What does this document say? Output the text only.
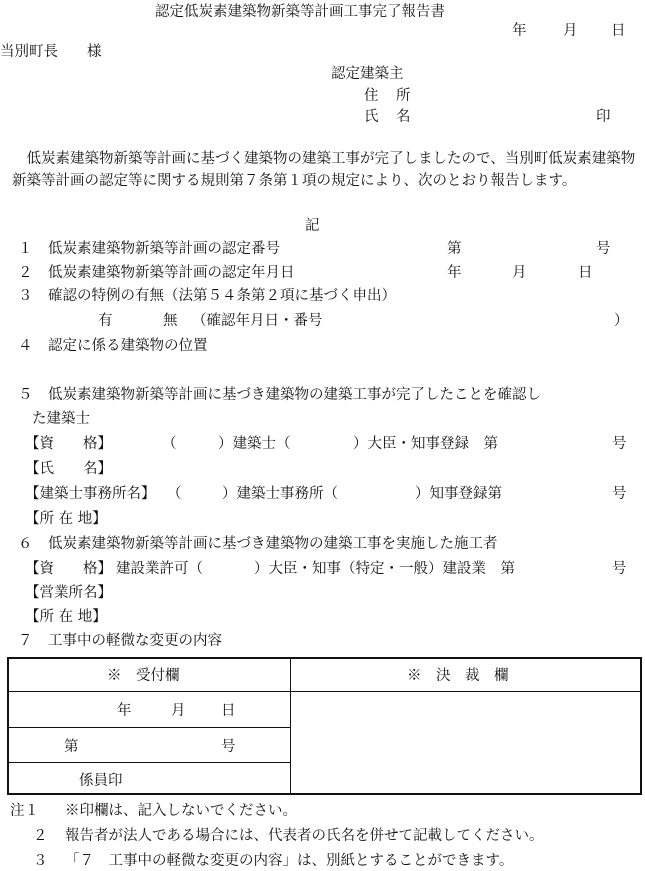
認定低炭素建築物新築等計画工事完了報告書
年	月 日
当別町長　　様
認定建築主
住 所
氏 名	印
低炭素建築物新築等計画に基づく建築物の建築工事が完了しましたので、当別町低炭素建築物新築等計画の認定等に関する規則第７条第１項の規定により、次のとおり報告します。
記
１ 低炭素建築物新築等計画の認定番号	第	号
２ 低炭素建築物新築等計画の認定年月日	年	月	日
３ 確認の特例の有無（法第５４条第２項に基づく申出）
有	無 （確認年月日・番号	）
４ 認定に係る建築物の位置
５ 低炭素建築物新築等計画に基づき建築物の建築工事が完了したことを確認し
た建築士
【資　　格】	（	）建築士（	）大臣・知事登録　第	号
【氏　　名】
【建築士事務所名】 （	）建築士事務所（	）知事登録第	号
【所 在 地】
６ 低炭素建築物新築等計画に基づき建築物の建築工事を実施した施工者
【資　　格】 建設業許可（	）大臣・知事（特定・一般）建設業　第	号
【営業所名】
【所 在 地】
７ 工事中の軽微な変更の内容
※　受付欄	※　決　裁　欄
年	月 日
第	号
係員印
注１ ※印欄は、記入しないでください。
２ 報告者が法人である場合には、代表者の氏名を併せて記載してください。
３ 「７　工事中の軽微な変更の内容」は、別紙とすることができます。
